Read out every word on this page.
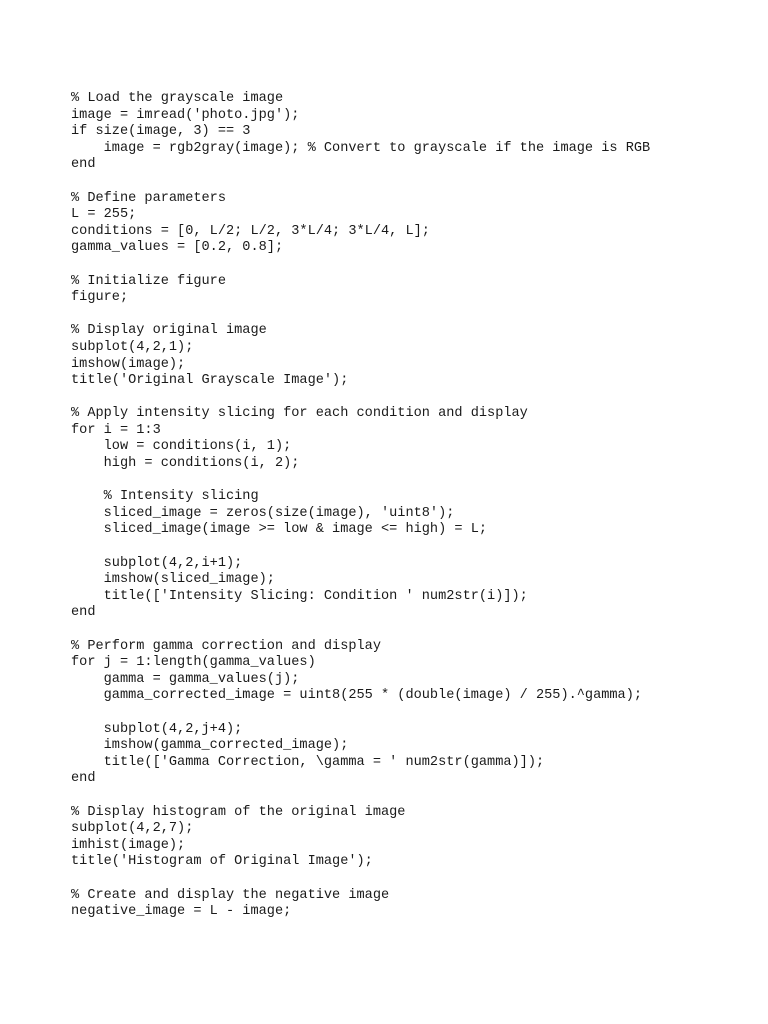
% Load the grayscale image
image = imread('photo.jpg');
if size(image, 3) == 3
image = rgb2gray(image); % Convert to grayscale if the image is RGB
end
% Define parameters
L = 255;
conditions = [0, L/2; L/2, 3*L/4; 3*L/4, L];
gamma_values = [0.2, 0.8];
% Initialize figure
figure;
% Display original image
subplot(4,2,1);
imshow(image);
title('Original Grayscale Image');
% Apply intensity slicing for each condition and display
for i = 1:3
low = conditions(i, 1);
high = conditions(i, 2);
% Intensity slicing
sliced_image = zeros(size(image), 'uint8');
sliced_image(image >= low & image <= high) = L;
subplot(4,2,i+1);
imshow(sliced_image);
title(['Intensity Slicing: Condition ' num2str(i)]);
end
% Perform gamma correction and display
for j = 1:length(gamma_values)
gamma = gamma_values(j);
gamma_corrected_image = uint8(255 * (double(image) / 255).^gamma);
subplot(4,2,j+4);
imshow(gamma_corrected_image);
title(['Gamma Correction, \gamma = ' num2str(gamma)]);
end
% Display histogram of the original image
subplot(4,2,7);
imhist(image);
title('Histogram of Original Image');
% Create and display the negative image
negative_image = L - image;
